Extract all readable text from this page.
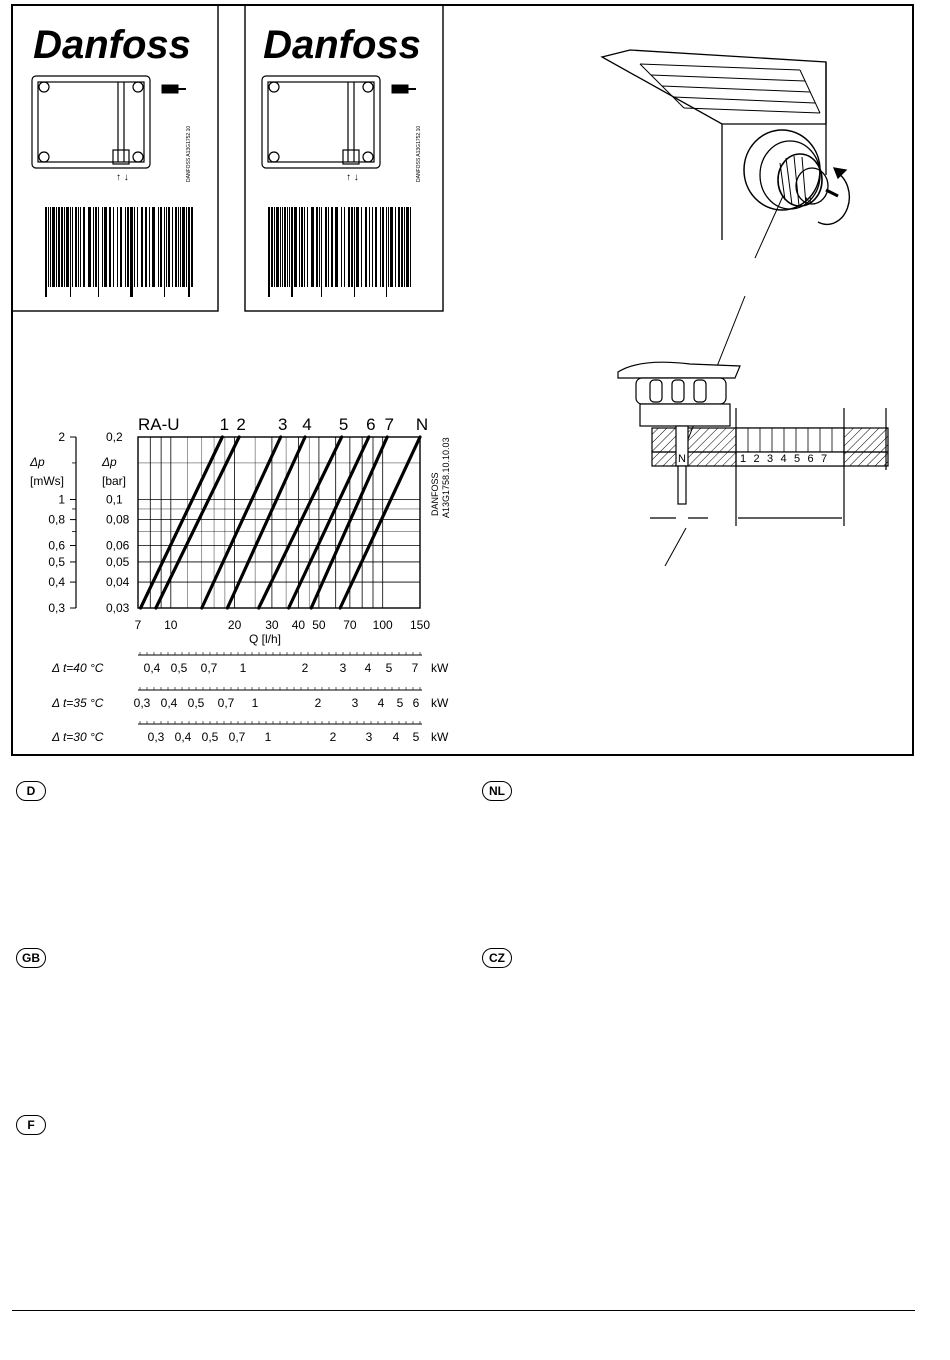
Danfoss
↑ ↓	DANFOSS A13G1752.10
Danfoss
↑ ↓	DANFOSS A13G1752.10
N
N	1 2 3 4 5 6 7
2
1
0,8
0,6
0,5
0,4
0,3
0,2
0,1
0,08
0,06
0,05
0,04
0,03
Δp
[mWs]
Δp
[bar]
7 10	20 30 40 50 70 100 150
Q [l/h]
RA-U 1 2 3 4 5 6 7 N
DANFOSS A13G1758.10.10.03
Δ t=40 °C	0,4 0,5 0,7 1	2	3 4 5 7 kW
Δ t=35 °C	0,3 0,4 0,5 0,7 1	2	3 4 5 6 kW
Δ t=30 °C	0,3 0,4 0,5 0,7 1	2 3 4 5 kW
D	NL
GB	CZ
F
